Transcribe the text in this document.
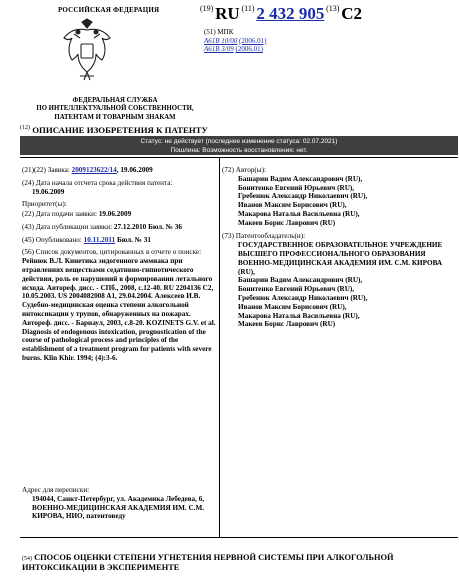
РОССИЙСКАЯ ФЕДЕРАЦИЯ	(19) RU (11) 2 432 905 (13) C2
(51) МПК
A61B 10/00 (2006.01)
A61B 3/09 (2006.01)
ФЕДЕРАЛЬНАЯ СЛУЖБА
ПО ИНТЕЛЛЕКТУАЛЬНОЙ СОБСТВЕННОСТИ,
ПАТЕНТАМ И ТОВАРНЫМ ЗНАКАМ
$^{(12)}$ ОПИСАНИЕ ИЗОБРЕТЕНИЯ К ПАТЕНТУ
Статус: не действует (последнее изменение статуса: 02.07.2021)
Пошлина: Возможность восстановления: нет.
(21)(22) Заявка: 2009123622/14, 19.06.2009
(24) Дата начала отсчета срока действия патента:
19.06.2009
Приоритет(ы):
(22) Дата подачи заявки: 19.06.2009
(43) Дата публикации заявки: 27.12.2010 Бюл. № 36
(45) Опубликовано: 10.11.2011 Бюл. № 31
(56) Список документов, цитированных в отчете о поиске: Рейнюк В.Л. Кинетика эндогенного аммиака при отравлениях веществами седативно-гипнотического действия, роль ее нарушений в формировании летального исхода. Автореф. дисс. - СПб., 2008, с.12-40. RU 2204136 C2, 10.05.2003. US 2004082008 A1, 29.04.2004. Алексеев И.В. Судебно-медицинская оценка степени алкогольной интоксикации у трупов, обнаруженных на пожарах. Автореф. дисс. - Барнаул, 2003, с.8-20. KOZINETS G.V. et al. Diagnosis of endogenous intoxication, prognostication of the course of pathological process and principles of the establishment of a treatment program for patients with severe burns. Klin Khir. 1994; (4):3-6.
Адрес для переписки:
194044, Санкт-Петербург, ул. Академика Лебедева, 6, ВОЕННО-МЕДИЦИНСКАЯ АКАДЕМИЯ ИМ. С.М. КИРОВА, НИО, патентоведу
(72) Автор(ы):
Башарин Вадим Александрович (RU),
Бонитенко Евгений Юрьевич (RU),
Гребенюк Александр Николаевич (RU),
Иванов Максим Борисович (RU),
Макарова Наталья Васильевна (RU),
Макеев Борис Лаврович (RU)
(73) Патентообладатель(и):
ГОСУДАРСТВЕННОЕ ОБРАЗОВАТЕЛЬНОЕ УЧРЕЖДЕНИЕ ВЫСШЕГО ПРОФЕССИОНАЛЬНОГО ОБРАЗОВАНИЯ ВОЕННО-МЕДИЦИНСКАЯ АКАДЕМИЯ ИМ. С.М. КИРОВА (RU),
Башарин Вадим Александрович (RU),
Бонитенко Евгений Юрьевич (RU),
Гребенюк Александр Николаевич (RU),
Иванов Максим Борисович (RU),
Макарова Наталья Васильевна (RU),
Макеев Борис Лаврович (RU)
(54) СПОСОБ ОЦЕНКИ СТЕПЕНИ УГНЕТЕНИЯ НЕРВНОЙ СИСТЕМЫ ПРИ АЛКОГОЛЬНОЙ ИНТОКСИКАЦИИ В ЭКСПЕРИМЕНТЕ
